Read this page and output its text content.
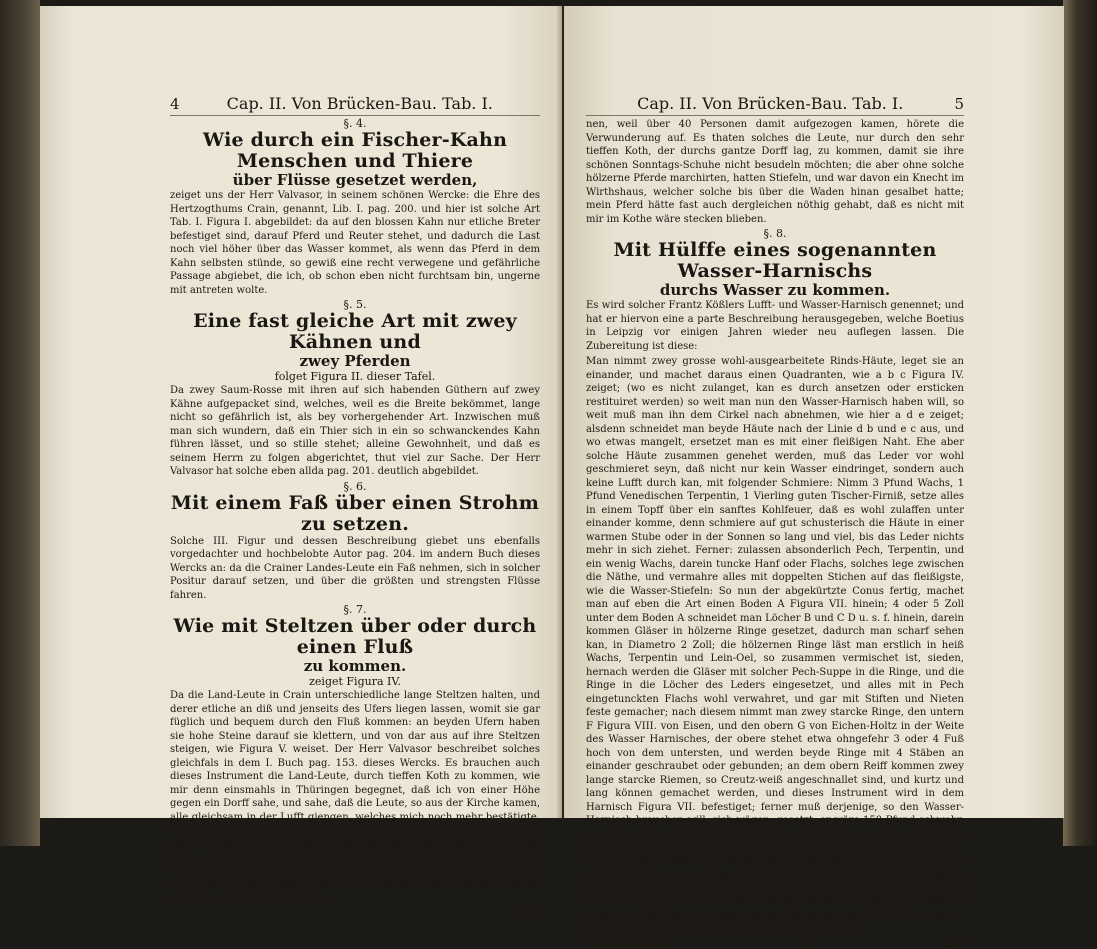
4	Cap. II. Von Brücken-Bau. Tab. I.

§. 4.

Wie durch ein Fischer-Kahn Menschen und Thiere

über Flüsse gesetzet werden,

zeiget uns der Herr Valvasor, in seinem schönen Wercke: die Ehre des Hertzogthums Crain, genannt, Lib. I. pag. 200. und hier ist solche Art Tab. I. Figura I. abgebildet: da auf den blossen Kahn nur etliche Breter befestiget sind, darauf Pferd und Reuter stehet, und dadurch die Last noch viel höher über das Wasser kommet, als wenn das Pferd in dem Kahn selbsten stünde, so gewiß eine recht verwegene und gefährliche Passage abgiebet, die ich, ob schon eben nicht furchtsam bin, ungerne mit antreten wolte.

§. 5.

Eine fast gleiche Art mit zwey Kähnen und

zwey Pferden

folget Figura II. dieser Tafel.

Da zwey Saum-Rosse mit ihren auf sich habenden Güthern auf zwey Kähne aufgepacket sind, welches, weil es die Breite bekömmet, lange nicht so gefährlich ist, als bey vorhergehender Art. Inzwischen muß man sich wundern, daß ein Thier sich in ein so schwanckendes Kahn führen lässet, und so stille stehet; alleine Gewohnheit, und daß es seinem Herrn zu folgen abgerichtet, thut viel zur Sache. Der Herr Valvasor hat solche eben allda pag. 201. deutlich abgebildet.

§. 6.

Mit einem Faß über einen Strohm zu setzen.

Solche III. Figur und dessen Beschreibung giebet uns ebenfalls vorgedachter und hochbelobte Autor pag. 204. im andern Buch dieses Wercks an: da die Crainer Landes-Leute ein Faß nehmen, sich in solcher Positur darauf setzen, und über die größten und strengsten Flüsse fahren.

§. 7.

Wie mit Steltzen über oder durch einen Fluß

zu kommen.

zeiget Figura IV.

Da die Land-Leute in Crain unterschiedliche lange Steltzen halten, und derer etliche an diß und jenseits des Ufers liegen lassen, womit sie gar füglich und bequem durch den Fluß kommen: an beyden Ufern haben sie hohe Steine darauf sie klettern, und von dar aus auf ihre Steltzen steigen, wie Figura V. weiset. Der Herr Valvasor beschreibet solches gleichfals in dem I. Buch pag. 153. dieses Wercks. Es brauchen auch dieses Instrument die Land-Leute, durch tieffen Koth zu kommen, wie mir denn einsmahls in Thüringen begegnet, daß ich von einer Höhe gegen ein Dorff sahe, und sahe, daß die Leute, so aus der Kirche kamen, alle gleichsam in der Lufft giengen, welches mich noch mehr bestätigte, weil 2 biß 3 Personen neben herging en, die jenen kaum biß an die Knie langten; und weil ich wegen Entfernung und trüben Wetters zwar die Leute, aber nicht die Steltzen erkennen kunte, es mich in grosse Verwunderung setzte, dahero mein Pferd anspornete, dieses Wunder desto eher zu sehen: aber so bald ich etwas näher kam, und die Steltzen erblickte, darauf mich nicht be-

son-
Cap. II. Von Brücken-Bau. Tab. I.	5

nen, weil über 40 Personen damit aufgezogen kamen, hörete die Verwunderung auf. Es thaten solches die Leute, nur durch den sehr tieffen Koth, der durchs gantze Dorff lag, zu kommen, damit sie ihre schönen Sonntags-Schuhe nicht besudeln möchten; die aber ohne solche hölzerne Pferde marchirten, hatten Stiefeln, und war davon ein Knecht im Wirthshaus, welcher solche bis über die Waden hinan gesalbet hatte; mein Pferd hätte fast auch dergleichen nöthig gehabt, daß es nicht mit mir im Kothe wäre stecken blieben.

§. 8.

Mit Hülffe eines sogenannten Wasser-Harnischs

durchs Wasser zu kommen.

Es wird solcher Frantz Kößlers Lufft- und Wasser-Harnisch genennet; und hat er hiervon eine a parte Beschreibung herausgegeben, welche Boetius in Leipzig vor einigen Jahren wieder neu auflegen lassen. Die Zubereitung ist diese:

Man nimmt zwey grosse wohl-ausgearbeitete Rinds-Häute, leget sie an einander, und machet daraus einen Quadranten, wie a b c Figura IV. zeiget; (wo es nicht zulanget, kan es durch ansetzen oder ersticken restituiret werden) so weit man nun den Wasser-Harnisch haben will, so weit muß man ihn dem Cirkel nach abnehmen, wie hier a d e zeiget; alsdenn schneidet man beyde Häute nach der Linie d b und e c aus, und wo etwas mangelt, ersetzet man es mit einer fleißigen Naht. Ehe aber solche Häute zusammen genehet werden, muß das Leder vor wohl geschmieret seyn, daß nicht nur kein Wasser eindringet, sondern auch keine Lufft durch kan, mit folgender Schmiere: Nimm 3 Pfund Wachs, 1 Pfund Venedischen Terpentin, 1 Vierling guten Tischer-Firniß, setze alles in einem Topff über ein sanftes Kohlfeuer, daß es wohl zulaffen unter einander komme, denn schmiere auf gut schusterisch die Häute in einer warmen Stube oder in der Sonnen so lang und viel, bis das Leder nichts mehr in sich ziehet. Ferner: zulassen absonderlich Pech, Terpentin, und ein wenig Wachs, darein tuncke Hanf oder Flachs, solches lege zwischen die Näthe, und vermahre alles mit doppelten Stichen auf das fleißigste, wie die Wasser-Stiefeln: So nun der abgekürtzte Conus fertig, machet man auf eben die Art einen Boden A Figura VII. hinein; 4 oder 5 Zoll unter dem Boden A schneidet man Löcher B und C D u. s. f. hinein, darein kommen Gläser in hölzerne Ringe gesetzet, dadurch man scharf sehen kan, in Diametro 2 Zoll; die hölzernen Ringe läst man erstlich in heiß Wachs, Terpentin und Lein-Oel, so zusammen vermischet ist, sieden, hernach werden die Gläser mit solcher Pech-Suppe in die Ringe, und die Ringe in die Löcher des Leders eingesetzet, und alles mit in Pech eingetunckten Flachs wohl verwahret, und gar mit Stiften und Nieten feste gemacher; nach diesem nimmt man zwey starcke Ringe, den untern F Figura VIII. von Eisen, und den obern G von Eichen-Holtz in der Weite des Wasser Harnisches, der obere stehet etwa ohngefehr 3 oder 4 Fuß hoch von dem untersten, und werden beyde Ringe mit 4 Stäben an einander geschraubet oder gebunden; an dem obern Reiff kommen zwey lange starcke Riemen, so Creutz-weiß angeschnallet sind, und kurtz und lang können gemachet werden, und dieses Instrument wird in dem Harnisch Figura VII. befestiget; ferner muß derjenige, so den Wasser-Harnisch brauchen will, sich wägen, gesetzt: er wäre 150 Pfund schwehr, so muß er so viel Last an dem untersten Reiff von Bley oder Stein anhängen; wenn alsdenn der Harnisch auf das Wasser gesetzet würde, und etwa eine halbe Elle hinein gienge, wäre die Sache fast richtig, wo nicht, so muß man so lange ab- und zuthun, bis der Harnisch fast gantz ins Wasser sincket; solches übrige Gewicht wäget man besonders, und mercket es, als: es sey 40 Pfund, selbige 40 Pfund ordnet man, daß sie unten am Reiff herum hangen; so nun derjenige, der 150 Pfund wieget, den Harnisch brauchen will, muß er in selbigen krie-

Theatr. Pontific.	B	gen
